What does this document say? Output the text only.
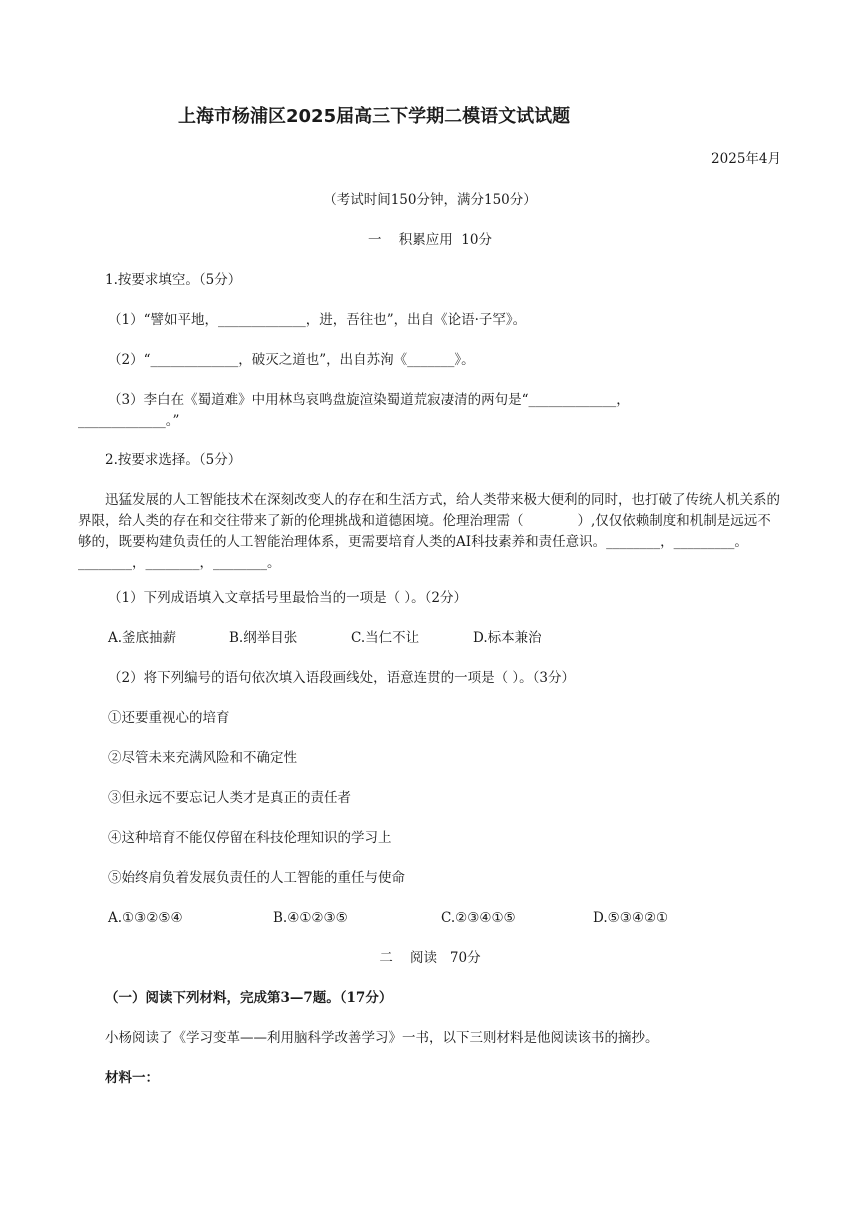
上海市杨浦区2025届高三下学期二模语文试试题
2025年4月
（考试时间150分钟，满分150分）
一    积累应用  10分
1.按要求填空。（5分）
（1）“譬如平地，_____________，进，吾往也”，出自《论语·子罕》。
（2）“_____________，破灭之道也”，出自苏洵《_______》。
（3）李白在《蜀道难》中用林鸟哀鸣盘旋渲染蜀道荒寂凄清的两句是“_____________，
_____________。”
2.按要求选择。（5分）
迅猛发展的人工智能技术在深刻改变人的存在和生活方式，给人类带来极大便利的同时，也打破了传统人机关系的界限，给人类的存在和交往带来了新的伦理挑战和道德困境。伦理治理需（　　　　）,仅仅依赖制度和机制是远远不够的，既要构建负责任的人工智能治理体系，更需要培育人类的AI科技素养和责任意识。________，_________。________，________，________。
（1）下列成语填入文章括号里最恰当的一项是（ ）。（2分）
A.釜底抽薪	B.纲举目张	C.当仁不让	D.标本兼治
（2）将下列编号的语句依次填入语段画线处，语意连贯的一项是（ ）。（3分）
①还要重视心的培育
②尽管未来充满风险和不确定性
③但永远不要忘记人类才是真正的责任者
④这种培育不能仅停留在科技伦理知识的学习上
⑤始终肩负着发展负责任的人工智能的重任与使命
A.①③②⑤④	B.④①②③⑤	C.②③④①⑤	D.⑤③④②①
二    阅读   70分
（一）阅读下列材料，完成第3—7题。（17分）
小杨阅读了《学习变革——利用脑科学改善学习》一书，以下三则材料是他阅读该书的摘抄。
材料一：
